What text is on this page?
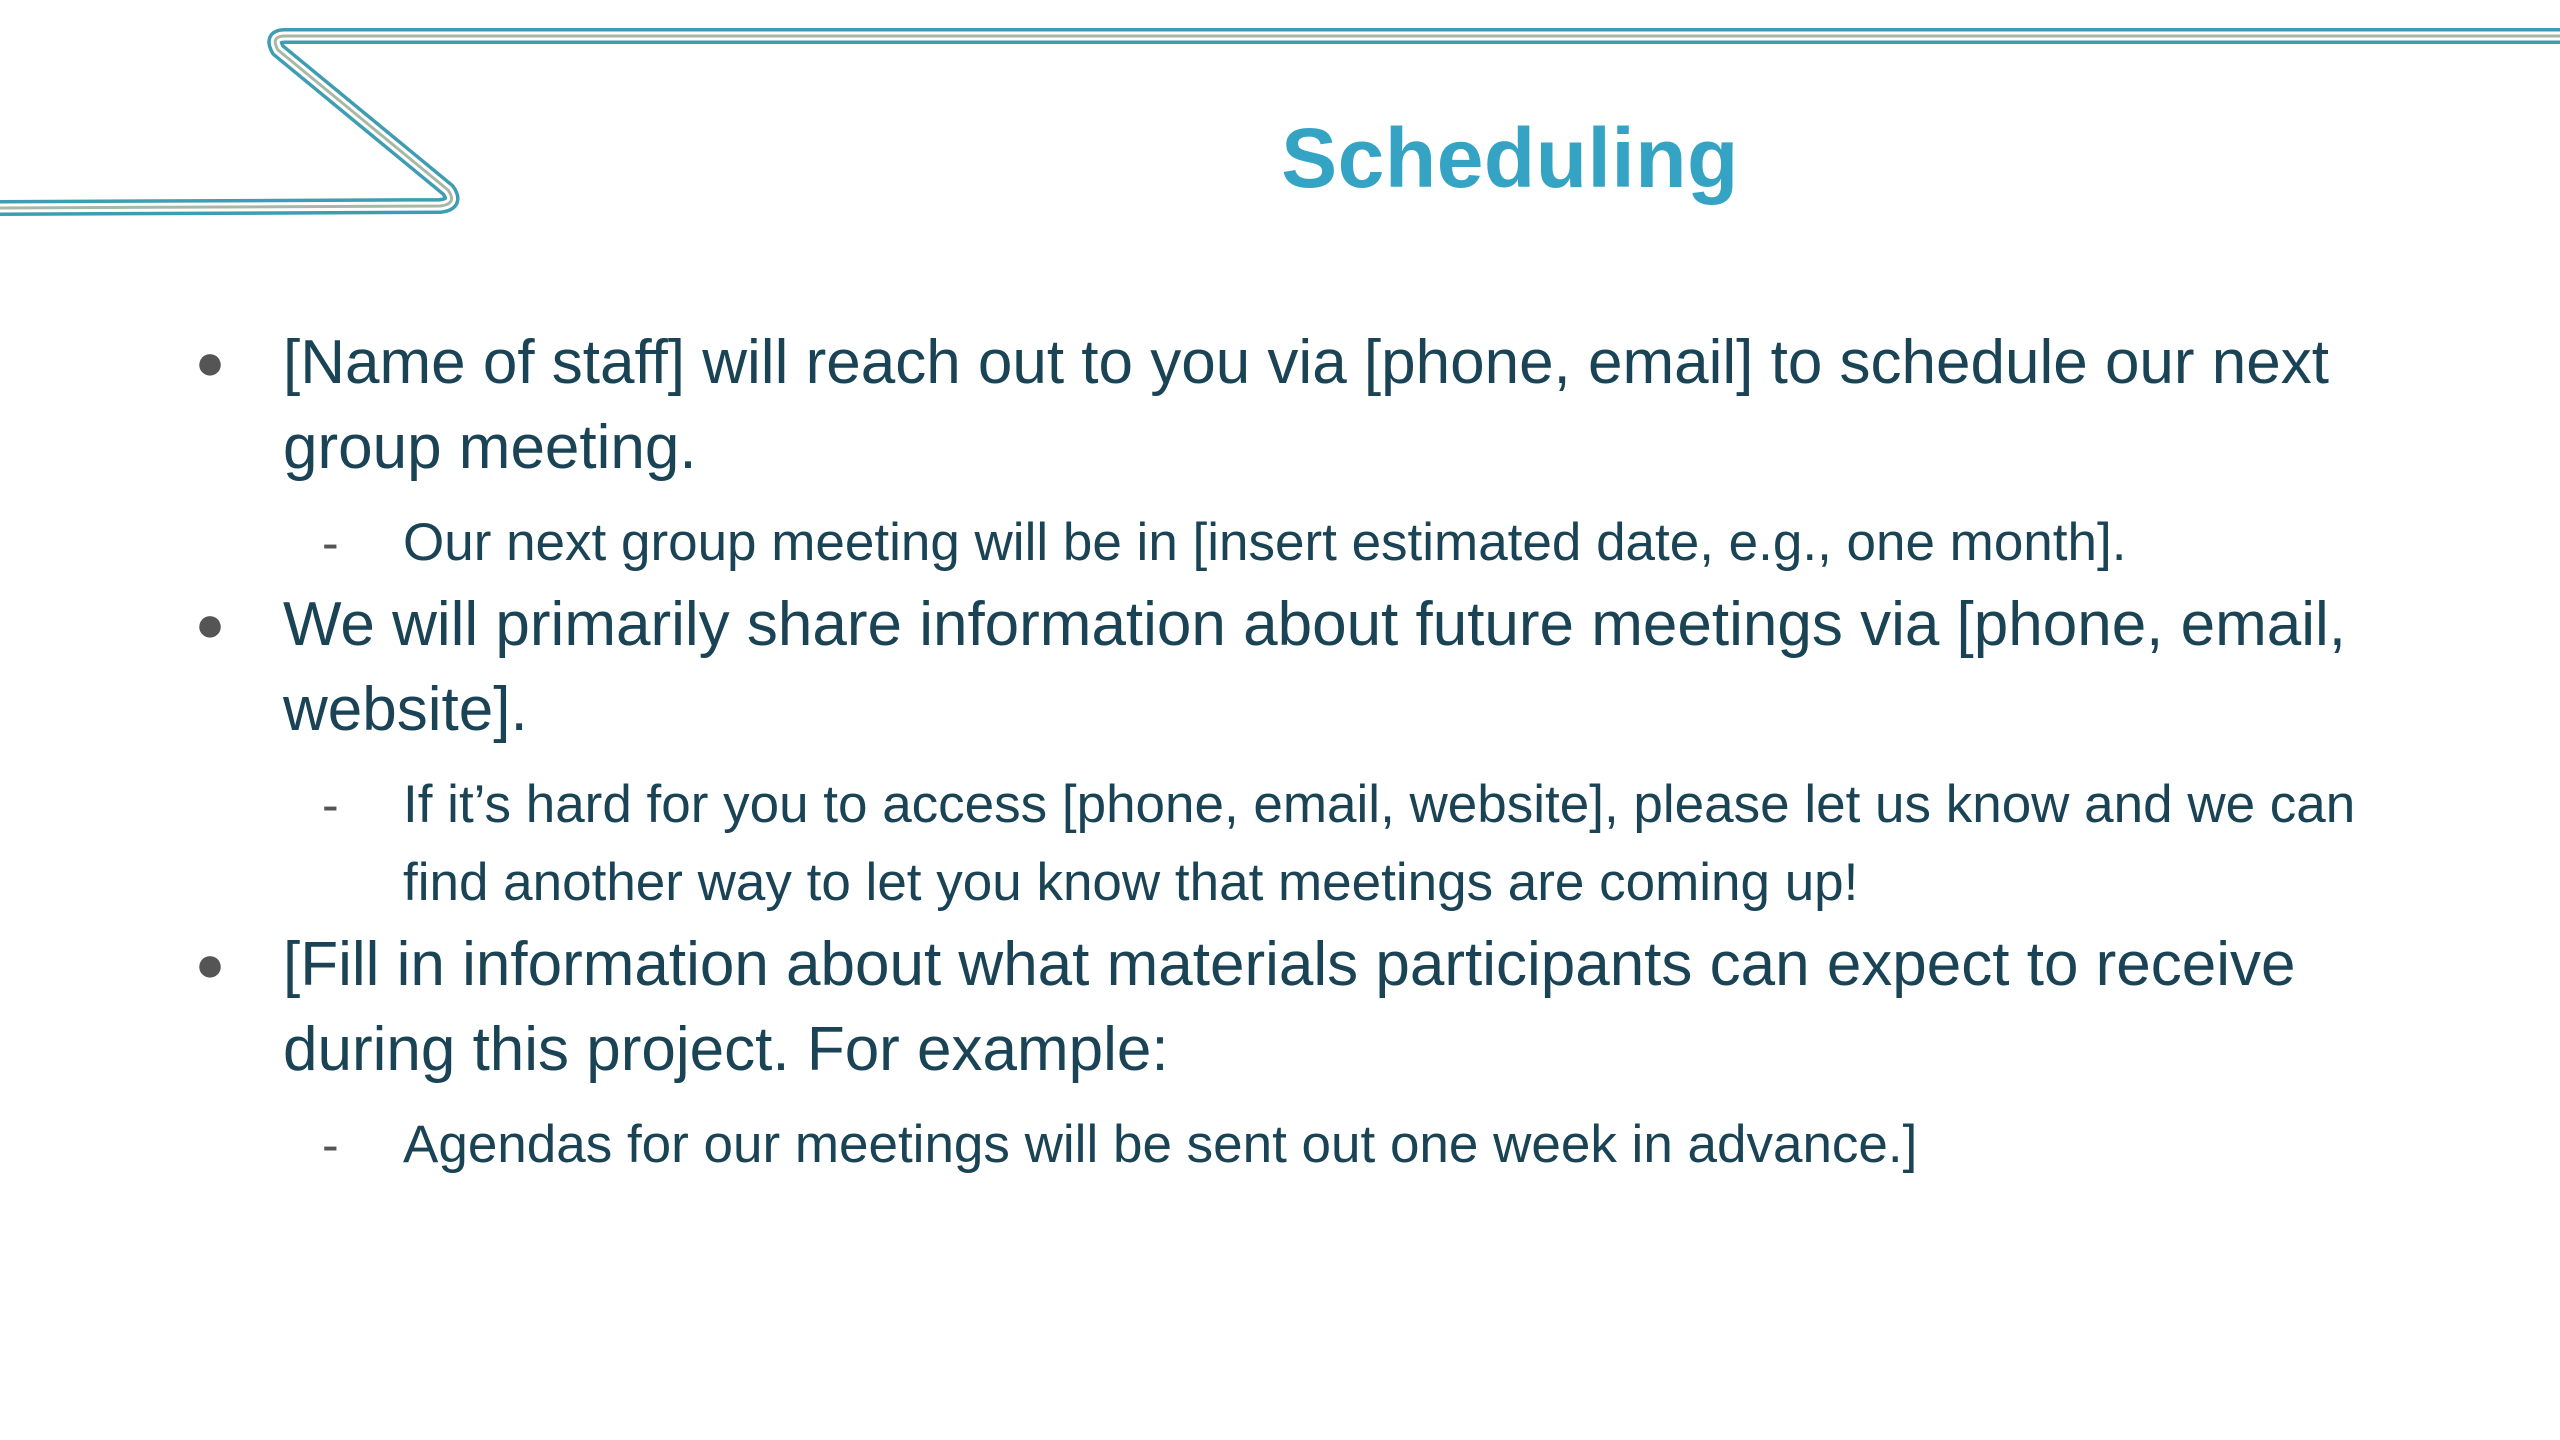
Scheduling
● [Name of staff] will reach out to you via [phone, email] to schedule our next group meeting.
- Our next group meeting will be in [insert estimated date, e.g., one month].
● We will primarily share information about future meetings via [phone, email, website].
- If it’s hard for you to access [phone, email, website], please let us know and we can find another way to let you know that meetings are coming up!
● [Fill in information about what materials participants can expect to receive during this project. For example:
- Agendas for our meetings will be sent out one week in advance.]
